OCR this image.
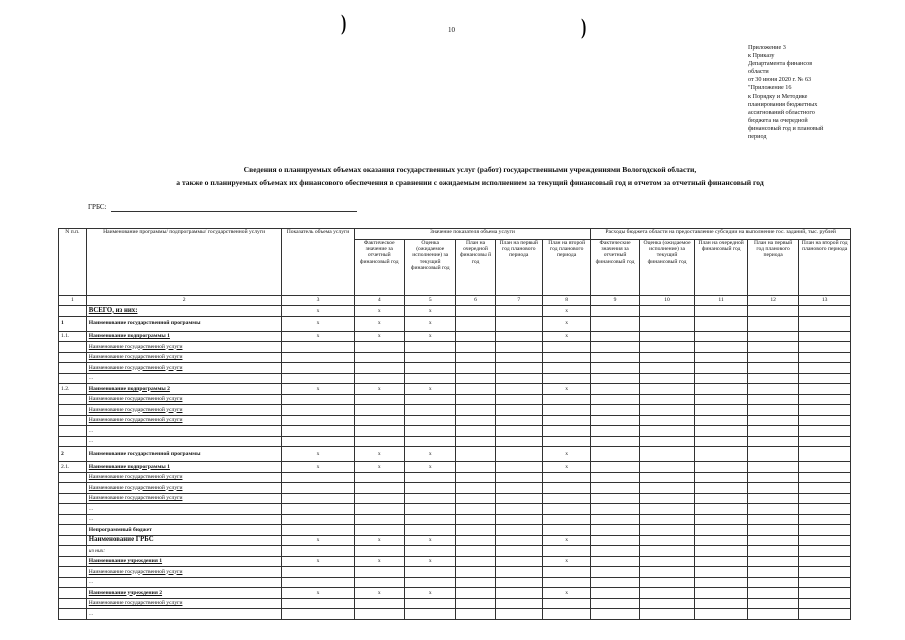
)	)
10
Приложение 3
к Приказу
Департамента финансов
области
от 30 июня 2020 г. № 63
"Приложение 16
к Порядку и Методике
планирования бюджетных
ассигнований областного
бюджета на очередной
финансовый год и плановый
период
Сведения о планируемых объемах оказания государственных услуг (работ) государственными учреждениями Вологодской области,
а также о планируемых объемах их финансового обеспечения в сравнении с ожидаемым исполнением за текущий финансовый год и отчетом за отчетный финансовый год
ГРБС:
N п.п.	Наименование программы/ подпрограммы/ государственной услуги	Показатель объема услуги	Значение показателя объема услуги					Расходы бюджета области на предоставление субсидии на выполнение гос. заданий, тыс. рублей				
			Фактическое значение за отчетный финансовый год	Оценка (ожидаемое исполнение) за текущий финансовый год	План на очередной финансовы й год	План на первый год планового периода	План на второй год планового периода	Фактические значения за отчетный финансовый год	Оценка (ожидаемое исполнение) за текущий финансовый год	План на очередной финансовый год	План на первый год планового периода	План на второй год планового периода
1	2	3	4	5	6	7	8	9	10	11	12	13
	ВСЕГО, из них:	x	x	x			x					
1	Наименование государственной программы	x	x	x			x					
1.1.	Наименование подпрограммы 1	x	x	x			x					
	Наименование государственной услуги											
	Наименование государственной услуги											
	Наименование государственной услуги											
	...											
1.2.	Наименование подпрограммы 2	x	x	x			x					
	Наименование государственной услуги											
	Наименование государственной услуги											
	Наименование государственной услуги											
	...											
	...											
2	Наименование государственной программы	x	x	x			x					
2.1.	Наименование подпрограммы 1	x	x	x			x					
	Наименование государственной услуги											
	Наименование государственной услуги											
	Наименование государственной услуги											
	...											
	...											
	Непрограммный бюджет											
	Наименование ГРБС	x	x	x			x					
	из них:											
	Наименование учреждения 1	x	x	x			x					
	Наименование государственной услуги											
	...											
	Наименование учреждения 2	x	x	x			x					
	Наименование государственной услуги											
	...											
